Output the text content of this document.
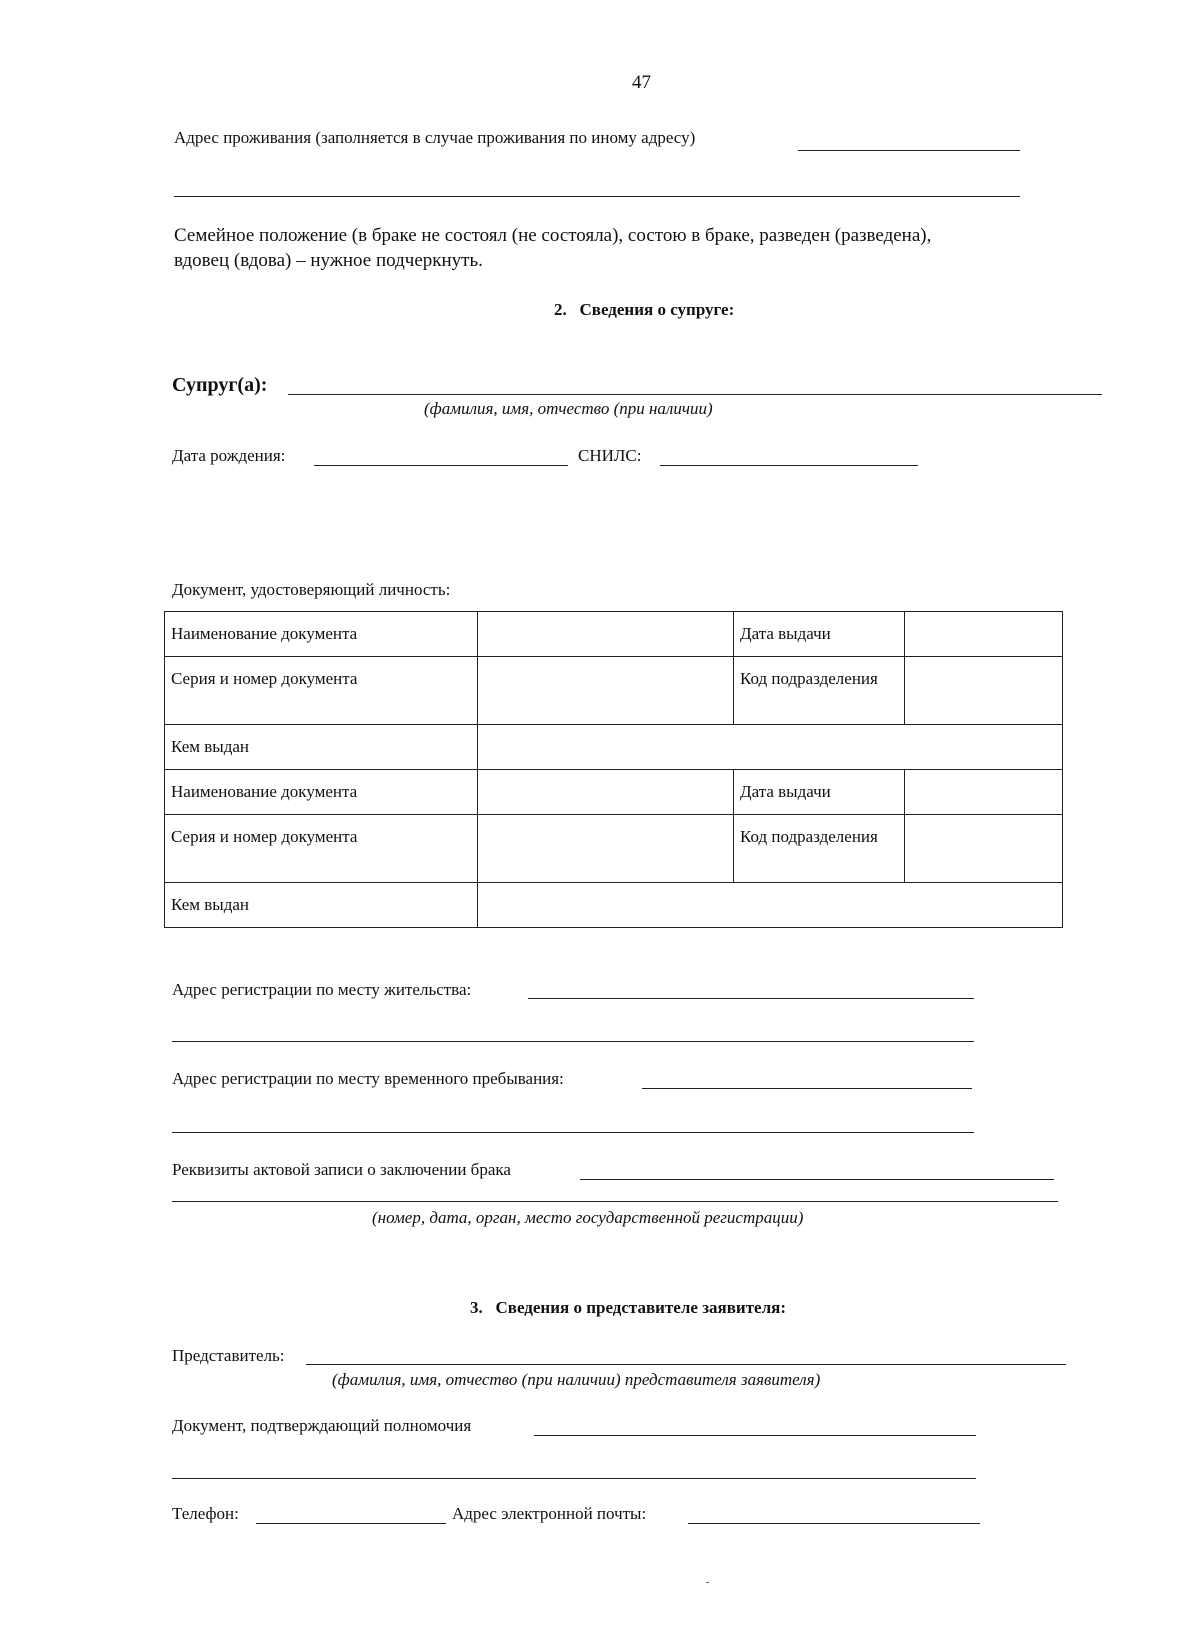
47
Адрес проживания (заполняется в случае проживания по иному адресу)
Семейное положение (в браке не состоял (не состояла), состою в браке, разведен (разведена),
вдовец (вдова) – нужное подчеркнуть.
2.   Сведения о супруге:
Супруг(а):
(фамилия, имя, отчество (при наличии)
Дата рождения:	СНИЛС:
Документ, удостоверяющий личность:
Наименование документа		Дата выдачи	
Серия и номер документа		Код подразделения	
Кем выдан			
Наименование документа		Дата выдачи	
Серия и номер документа		Код подразделения	
Кем выдан			
Адрес регистрации по месту жительства:
Адрес регистрации по месту временного пребывания:
Реквизиты актовой записи о заключении брака
(номер, дата, орган, место государственной регистрации)
3.   Сведения о представителе заявителя:
Представитель:
(фамилия, имя, отчество (при наличии) представителя заявителя)
Документ, подтверждающий полномочия
Телефон:	Адрес электронной почты:
